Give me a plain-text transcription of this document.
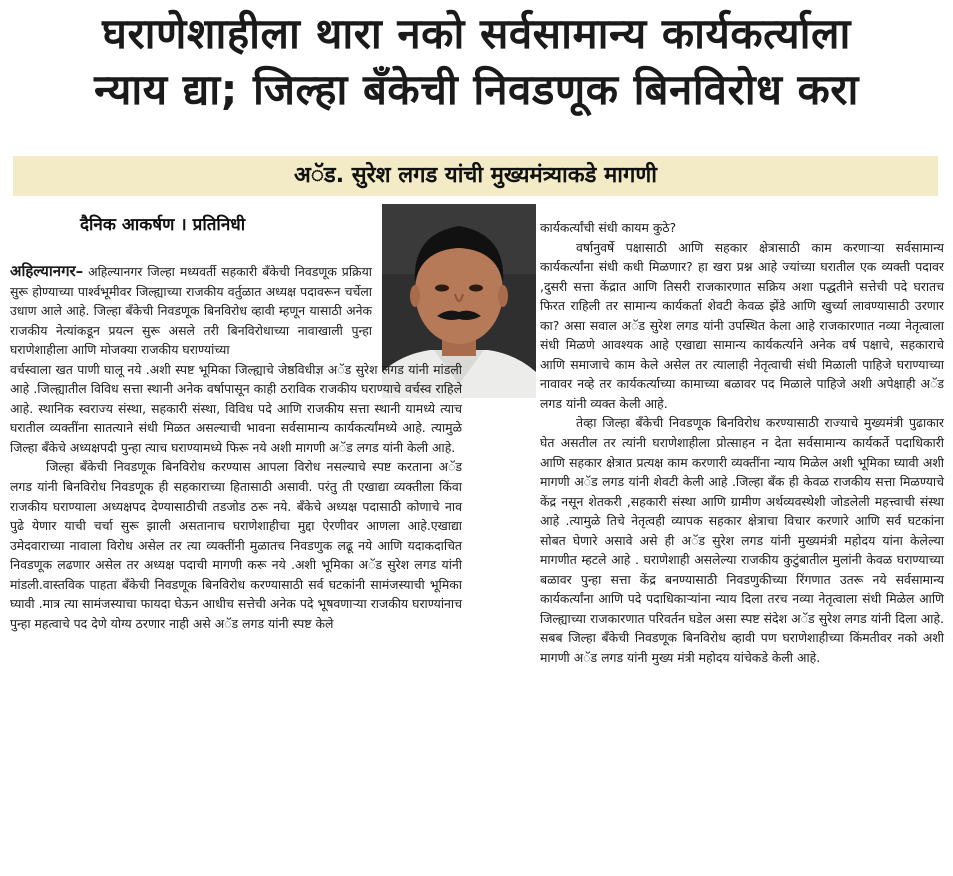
घराणेशाहीला थारा नको सर्वसामान्य कार्यकर्त्याला
न्याय द्या; जिल्हा बँकेची निवडणूक बिनविरोध करा
अॅड. सुरेश लगड यांची मुख्यमंत्र्याकडे मागणी
दैनिक आकर्षण । प्रतिनिधी

अहिल्यानगर– अहिल्यानगर जिल्हा मध्यवर्ती सहकारी बँकेची निवडणूक प्रक्रिया सुरू होण्याच्या पार्श्वभूमीवर जिल्ह्याच्या राजकीय वर्तुळात अध्यक्ष पदावरून चर्चेला उधाण आले आहे. जिल्हा बँकेची निवडणूक बिनविरोध व्हावी म्हणून यासाठी अनेक राजकीय नेत्यांकडून प्रयत्न सुरू असले तरी बिनविरोधाच्या नावाखाली पुन्हा घराणेशाहीला आणि मोजक्या राजकीय घराण्यांच्या

वर्चस्वाला खत पाणी घालू नये .अशी स्पष्ट भूमिका जिल्ह्याचे जेष्ठविधीज्ञ अॅड सुरेश लगड यांनी मांडली आहे .जिल्ह्यातील विविध सत्ता स्थानी अनेक वर्षापासून काही ठराविक राजकीय घराण्याचे वर्चस्व राहिले आहे. स्थानिक स्वराज्य संस्था, सहकारी संस्था, विविध पदे आणि राजकीय सत्ता स्थानी यामध्ये त्याच घरातील व्यक्तींना सातत्याने संधी मिळत असल्याची भावना सर्वसामान्य कार्यकर्त्यांमध्ये आहे. त्यामुळे जिल्हा बँकेचे अध्यक्षपदी पुन्हा त्याच घराण्यामध्ये फिरू नये अशी मागणी अॅड लगड यांनी केली आहे.

जिल्हा बँकेची निवडणूक बिनविरोध करण्यास आपला विरोध नसल्याचे स्पष्ट करताना अॅड लगड यांनी बिनविरोध निवडणूक ही सहकाराच्या हितासाठी असावी. परंतु ती एखाद्या व्यक्तीला किंवा राजकीय घराण्याला अध्यक्षपद देण्यासाठीची तडजोड ठरू नये. बँकेचे अध्यक्ष पदासाठी कोणाचे नाव पुढे येणार याची चर्चा सुरू झाली असतानाच घराणेशाहीचा मुद्दा ऐरणीवर आणला आहे.एखाद्या उमेदवाराच्या नावाला विरोध असेल तर त्या व्यक्तींनी मुळातच निवडणुक लढू नये आणि यदाकदाचित निवडणूक लढणार असेल तर अध्यक्ष पदाची मागणी करू नये .अशी भूमिका अॅड सुरेश लगड यांनी मांडली.वास्तविक पाहता बँकेची निवडणूक बिनविरोध करण्यासाठी सर्व घटकांनी सामंजस्याची भूमिका घ्यावी .मात्र त्या सामंजस्याचा फायदा घेऊन आधीच सत्तेची अनेक पदे भूषवणाऱ्या राजकीय घराण्यांनाच पुन्हा महत्वाचे पद देणे योग्य ठरणार नाही असे अॅड लगड यांनी स्पष्ट केले

कार्यकर्त्यांची संधी कायम कुठे?

वर्षानुवर्षे पक्षासाठी आणि सहकार क्षेत्रासाठी काम करणाऱ्या सर्वसामान्य कार्यकर्त्यांना संधी कधी मिळणार? हा खरा प्रश्न आहे ज्यांच्या घरातील एक व्यक्ती पदावर ,दुसरी सत्ता केंद्रात आणि तिसरी राजकारणात सक्रिय अशा पद्धतीने सत्तेची पदे घरातच फिरत राहिली तर सामान्य कार्यकर्ता शेवटी केवळ झेंडे आणि खुर्च्या लावण्यासाठी उरणार का? असा सवाल अॅड सुरेश लगड यांनी उपस्थित केला आहे राजकारणात नव्या नेतृत्वाला संधी मिळणे आवश्यक आहे एखाद्या सामान्य कार्यकर्त्याने अनेक वर्ष पक्षाचे, सहकाराचे आणि समाजाचे काम केले असेल तर त्यालाही नेतृत्वाची संधी मिळाली पाहिजे घराण्याच्या नावावर नव्हे तर कार्यकर्त्याच्या कामाच्या बळावर पद मिळाले पाहिजे अशी अपेक्षाही अॅड लगड यांनी व्यक्त केली आहे.

तेव्हा जिल्हा बँकेची निवडणूक बिनविरोध करण्यासाठी राज्याचे मुख्यमंत्री पुढाकार घेत असतील तर त्यांनी घराणेशाहीला प्रोत्साहन न देता सर्वसामान्य कार्यकर्ते पदाधिकारी आणि सहकार क्षेत्रात प्रत्यक्ष काम करणारी व्यक्तींना न्याय मिळेल अशी भूमिका घ्यावी अशी मागणी अॅड लगड यांनी शेवटी केली आहे .जिल्हा बँक ही केवळ राजकीय सत्ता मिळण्याचे केंद्र नसून शेतकरी ,सहकारी संस्था आणि ग्रामीण अर्थव्यवस्थेशी जोडलेली महत्त्वाची संस्था आहे .त्यामुळे तिचे नेतृत्वही व्यापक सहकार क्षेत्राचा विचार करणारे आणि सर्व घटकांना सोबत घेणारे असावे असे ही अॅड सुरेश लगड यांनी मुख्यमंत्री महोदय यांना केलेल्या मागणीत म्हटले आहे . घराणेशाही असलेल्या राजकीय कुटुंबातील मुलांनी केवळ घराण्याच्या बळावर पुन्हा सत्ता केंद्र बनण्यासाठी निवडणुकीच्या रिंगणात उतरू नये सर्वसामान्य कार्यकर्त्यांना आणि पदे पदाधिकाऱ्यांना न्याय दिला तरच नव्या नेतृत्वाला संधी मिळेल आणि जिल्ह्याच्या राजकारणात परिवर्तन घडेल असा स्पष्ट संदेश अॅड सुरेश लगड यांनी दिला आहे. सबब जिल्हा बँकेची निवडणूक बिनविरोध व्हावी पण घराणेशाहीच्या किंमतीवर नको अशी मागणी अॅड लगड यांनी मुख्य मंत्री महोदय यांचेकडे केली आहे.
